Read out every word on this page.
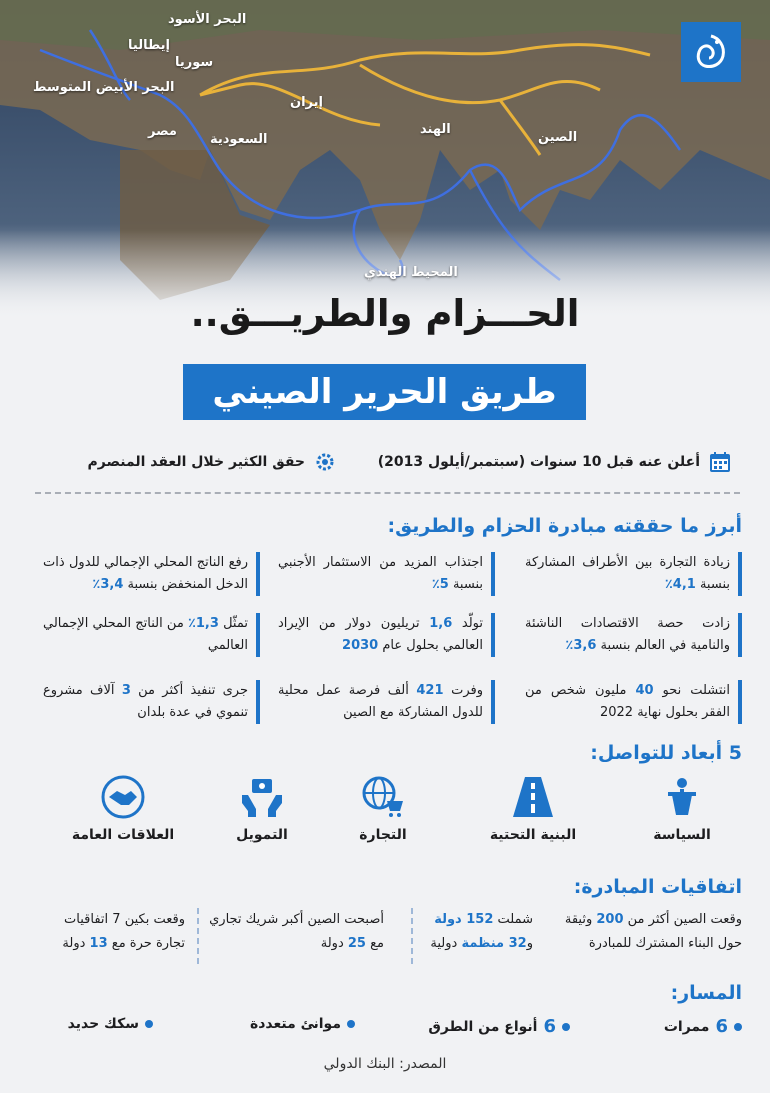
البحر الأسود
إيطاليا
سوريا
البحر الأبيض المتوسط
إيران
مصر
السعودية
الهند
الصين
المحيط الهندي
الحـــزام والطريـــق..
طريق الحرير الصيني
أعلن عنه قبل 10 سنوات (سبتمبر/أيلول 2013)
حقق الكثير خلال العقد المنصرم
أبرز ما حققته مبادرة الحزام والطريق:
زيادة التجارة بين الأطراف المشاركة بنسبة 4,1٪
اجتذاب المزيد من الاستثمار الأجنبي بنسبة 5٪
رفع الناتج المحلي الإجمالي للدول ذات الدخل المنخفض بنسبة 3,4٪
زادت حصة الاقتصادات الناشئة والنامية في العالم بنسبة 3,6٪
تولّد 1,6 تريليون دولار من الإيراد العالمي بحلول عام 2030
تمثّل 1,3٪ من الناتج المحلي الإجمالي العالمي
انتشلت نحو 40 مليون شخص من الفقر بحلول نهاية 2022
وفرت 421 ألف فرصة عمل محلية للدول المشاركة مع الصين
جرى تنفيذ أكثر من 3 آلاف مشروع تنموي في عدة بلدان
5 أبعاد للتواصل:
السياسة
البنية التحتية
التجارة
التمويل
العلاقات العامة
اتفاقيات المبادرة:
وقعت الصين أكثر من 200 وثيقة حول البناء المشترك للمبادرة
شملت 152 دولة و32 منظمة دولية
أصبحت الصين أكبر شريك تجاري مع 25 دولة
وقعت بكين 7 اتفاقيات تجارة حرة مع 13 دولة
المسار:
6
ممرات
6
أنواع من الطرق
موانئ متعددة
سكك حديد
المصدر: البنك الدولي
